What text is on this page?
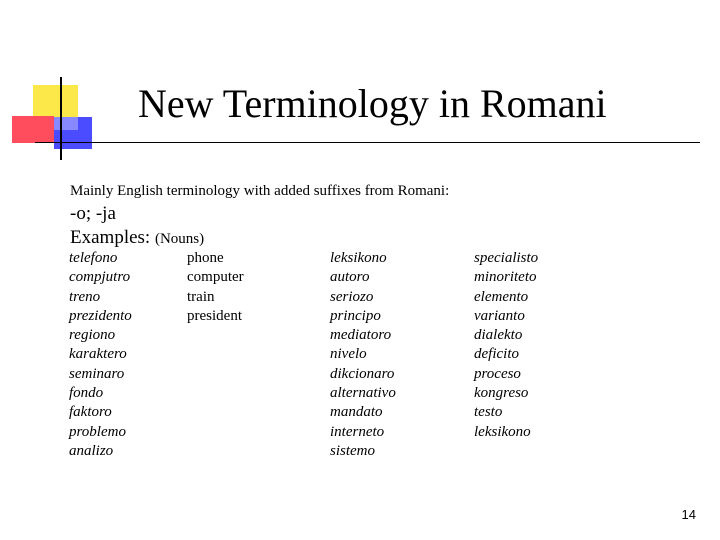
New Terminology in Romani
Mainly English terminology with added suffixes from Romani:
-o; -ja
Examples: (Nouns)
telefono
compjutro
treno
prezidento
regiono
karaktero
seminaro
fondo
faktoro
problemo
analizo
phone
computer
train
president
leksikono
autoro
seriozo
principo
mediatoro
nivelo
dikcionaro
alternativo
mandato
interneto
sistemo
specialisto
minoriteto
elemento
varianto
dialekto
deficito
proceso
kongreso
testo
leksikono
14
